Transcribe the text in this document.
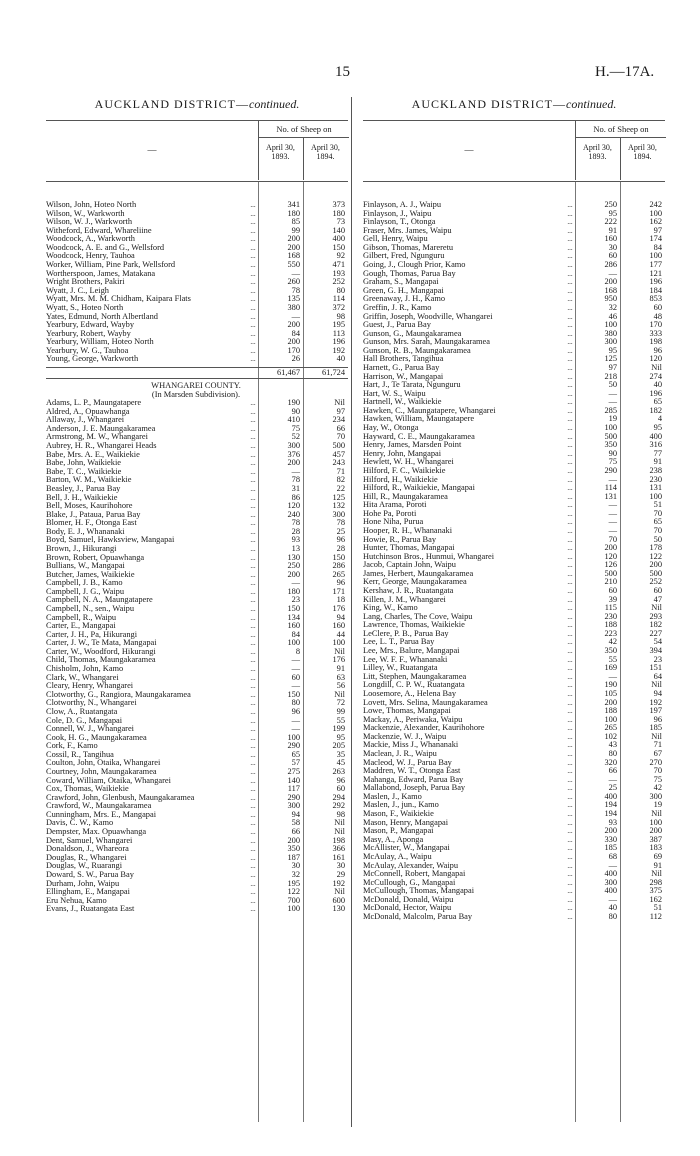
15	H.—17A.
AUCKLAND DISTRICT—continued.
No. of Sheep on
—	April 30, 1893.
April 30, 1894.
Wilson, John, Hoteo North	...	341	373
Wilson, W., Warkworth	...	180	180
Wilson, W. J., Warkworth	...	85	73
Witheford, Edward, Whareliine	...	99	140
Woodcock, A., Warkworth	...	200	400
Woodcock, A. E. and G., Wellsford	...	200	150
Woodcock, Henry, Tauhoa	...	168	92
Worker, William, Pine Park, Wellsford	...	550	471
Wortherspoon, James, Matakana	...	—	193
Wright Brothers, Pakiri	...	260	252
Wyatt, J. C., Leigh	...	78	80
Wyatt, Mrs. M. M. Chidham, Kaipara Flats	...	135	114
Wyatt, S., Hoteo North	...	380	372
Yates, Edmund, North Albertland	...	—	98
Yearbury, Edward, Wayby	...	200	195
Yearbury, Robert, Wayby	...	84	113
Yearbury, William, Hoteo North	...	200	196
Yearbury, W. G., Tauhoa	...	170	192
Young, George, Warkworth	...	26	40
61,467	61,724
WHANGAREI COUNTY.
(In Marsden Subdivision).
Adams, L. P., Maungatapere	...	190	Nil
Aldred, A., Opuawhanga	...	90	97
Allaway, J., Whangarei	...	410	234
Anderson, J. E. Maungakaramea	...	75	66
Armstrong, M. W., Whangarei	...	52	70
Aubrey, H. R., Whangarei Heads	...	300	500
Babe, Mrs. A. E., Waikiekie	...	376	457
Babe, John, Waikiekie	...	200	243
Babe, T. C., Waikiekie	...	—	71
Barton, W. M., Waikiekie	...	78	82
Beasley, J., Parua Bay	...	31	22
Bell, J. H., Waikiekie	...	86	125
Bell, Moses, Kaurihohore	...	120	132
Blake, J., Pataua, Parua Bay	...	240	300
Blomer, H. F., Otonga East	...	78	78
Body, E. J., Whananaki	...	28	25
Boyd, Samuel, Hawksview, Mangapai	...	93	96
Brown, J., Hikurangi	...	13	28
Brown, Robert, Opuawhanga	...	130	150
Bullians, W., Mangapai	...	250	286
Butcher, James, Waikiekie	...	200	265
Campbell, J. B., Kamo	...	—	96
Campbell, J. G., Waipu	...	180	171
Campbell, N. A., Maungatapere	...	23	18
Campbell, N., sen., Waipu	...	150	176
Campbell, R., Waipu	...	134	94
Carter, E., Mangapai	...	160	160
Carter, J. H., Pa, Hikurangi	...	84	44
Carter, J. W., Te Mata, Mangapai	...	100	100
Carter, W., Woodford, Hikurangi	...	8	Nil
Child, Thomas, Maungakaramea	...	—	176
Chisholm, John, Kamo	...	—	91
Clark, W., Whangarei	...	60	63
Cleary, Henry, Whangarei	...	—	56
Clotworthy, G., Rangiora, Maungakaramea	...	150	Nil
Clotworthy, N., Whangarei	...	80	72
Clow, A., Ruatangata	...	96	99
Cole, D. G., Mangapai	...	—	55
Connell, W. J., Whangarei	...	—	199
Cook, H. G., Maungakaramea	...	100	95
Cork, F., Kamo	...	290	205
Cossil, R., Tangihua	...	65	35
Coulton, John, Otaika, Whangarei	...	57	45
Courtney, John, Maungakaramea	...	275	263
Coward, William, Otaika, Whangarei	...	140	96
Cox, Thomas, Waikiekie	...	117	60
Crawford, John, Glenbush, Maungakaramea	...	290	294
Crawford, W., Maungakaramea	...	300	292
Cunningham, Mrs. E., Mangapai	...	94	98
Davis, C. W., Kamo	...	58	Nil
Dempster, Max. Opuawhanga	...	66	Nil
Dent, Samuel, Whangarei	...	200	198
Donaldson, J., Whareora	...	350	366
Douglas, R., Whangarei	...	187	161
Douglas, W., Ruarangi	...	30	30
Doward, S. W., Parua Bay	...	32	29
Durham, John, Waipu	...	195	192
Ellingham, E., Mangapai	...	122	Nil
Eru Nehua, Kamo	...	700	600
Evans, J., Ruatangata East	...	100	130
AUCKLAND DISTRICT—continued.
No. of Sheep on
—	April 30, 1893.
April 30, 1894.
Finlayson, A. J., Waipu	...	250	242
Finlayson, J., Waipu	...	95	100
Finlayson, T., Otonga	...	222	162
Fraser, Mrs. James, Waipu	...	91	97
Gell, Henry, Waipu	...	160	174
Gibson, Thomas, Mareretu	...	30	84
Gilbert, Fred, Ngunguru	...	60	100
Going, J., Clough Prior, Kamo	...	286	177
Gough, Thomas, Parua Bay	...	—	121
Graham, S., Mangapai	...	200	196
Green, G. H., Mangapai	...	168	184
Greenaway, J. H., Kamo	...	950	853
Greffin, J. R., Kamo	...	32	60
Griffin, Joseph, Woodville, Whangarei	...	46	48
Guest, J., Parua Bay	...	100	170
Gunson, G., Maungakaramea	...	380	333
Gunson, Mrs. Sarah, Maungakaramea	...	300	198
Gunson, R. B., Maungakaramea	...	95	96
Hall Brothers, Tangihua	...	125	120
Harnett, G., Parua Bay	...	97	Nil
Harrison, W., Mangapai	...	218	274
Hart, J., Te Tarata, Ngunguru	...	50	40
Hart, W. S., Waipu	...	—	196
Hartnell, W., Waikiekie	...	—	65
Hawken, C., Maungatapere, Whangarei	...	285	182
Hawken, William, Maungatapere	...	19	4
Hay, W., Otonga	...	100	95
Hayward, C. E., Maungakaramea	...	500	400
Henry, James, Marsden Point	...	350	316
Henry, John, Mangapai	...	90	77
Hewlett, W. H., Whangarei	...	75	91
Hilford, F. C., Waikiekie	...	290	238
Hilford, H., Waikiekie	...	—	230
Hilford, R., Waikiekie, Mangapai	...	114	131
Hill, R., Maungakaramea	...	131	100
Hita Arama, Poroti	...	—	51
Hohe Pa, Poroti	...	—	70
Hone Niha, Purua	...	—	65
Hooper, R. H., Whananaki	...	—	70
Howie, R., Parua Bay	...	70	50
Hunter, Thomas, Mangapai	...	200	178
Hutchinson Bros., Hunmui, Whangarei	...	120	122
Jacob, Captain John, Waipu	...	126	200
James, Herbert, Maungakaramea	...	500	500
Kerr, George, Maungakaramea	...	210	252
Kershaw, J. R., Ruatangata	...	60	60
Killen, J. M., Whangarei	...	39	47
King, W., Kamo	...	115	Nil
Lang, Charles, The Cove, Waipu	...	230	293
Lawrence, Thomas, Waikiekie	...	188	182
LeClere, P. B., Parua Bay	...	223	227
Lee, L. T., Parua Bay	...	42	54
Lee, Mrs., Balure, Mangapai	...	350	394
Lee, W. F. F., Whananaki	...	55	23
Lilley, W., Ruatangata	...	169	151
Litt, Stephen, Maungakaramea	...	—	64
Longdill, C. P. W., Ruatangata	...	190	Nil
Loosemore, A., Helena Bay	...	105	94
Lovett, Mrs. Selina, Maungakaramea	...	200	192
Lowe, Thomas, Mangapai	...	188	197
Mackay, A., Periwaka, Waipu	...	100	96
Mackenzie, Alexander, Kaurihohore	...	265	185
Mackenzie, W. J., Waipu	...	102	Nil
Mackie, Miss J., Whananaki	...	43	71
Maclean, J. R., Waipu	...	80	67
Macleod, W. J., Parua Bay	...	320	270
Maddren, W. T., Otonga East	...	66	70
Mahanga, Edward, Parua Bay	...	—	75
Mallabond, Joseph, Parua Bay	...	25	42
Maslen, J., Kamo	...	400	300
Maslen, J., jun., Kamo	...	194	19
Mason, F., Waikiekie	...	194	Nil
Mason, Henry, Mangapai	...	93	100
Mason, P., Mangapai	...	200	200
Masy, A., Aponga	...	330	387
McAllister, W., Mangapai	...	185	183
McAulay, A., Waipu	...	68	69
McAulay, Alexander, Waipu	...	—	91
McConnell, Robert, Mangapai	...	400	Nil
McCullough, G., Mangapai	...	300	298
McCullough, Thomas, Mangapai	...	400	375
McDonald, Donald, Waipu	...	—	162
McDonald, Hector, Waipu	...	40	51
McDonald, Malcolm, Parua Bay	...	80	112
